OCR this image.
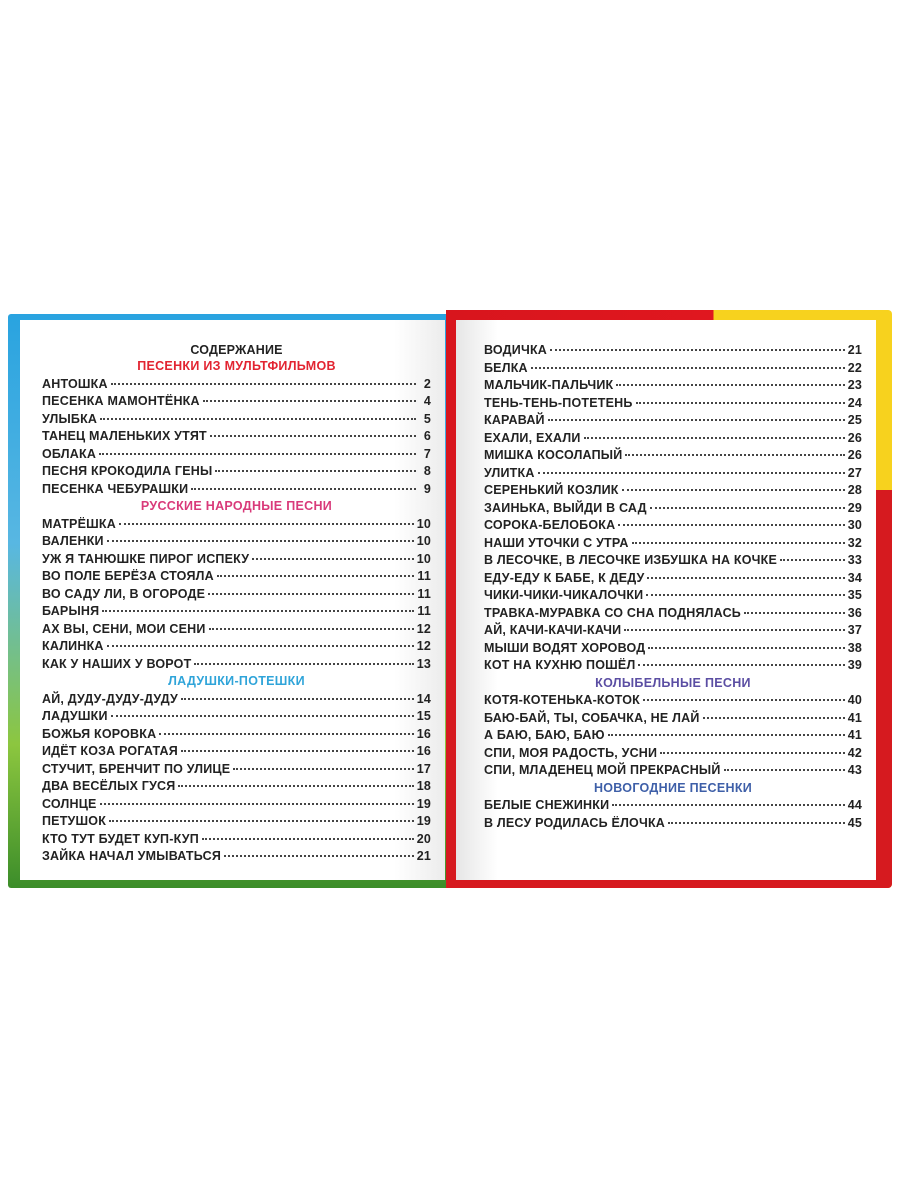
СОДЕРЖАНИЕ
ПЕСЕНКИ ИЗ МУЛЬТФИЛЬМОВ
АНТОШКА	2
ПЕСЕНКА МАМОНТЁНКА	4
УЛЫБКА	5
ТАНЕЦ МАЛЕНЬКИХ УТЯТ	6
ОБЛАКА	7
ПЕСНЯ КРОКОДИЛА ГЕНЫ	8
ПЕСЕНКА ЧЕБУРАШКИ	9
РУССКИЕ НАРОДНЫЕ ПЕСНИ
МАТРЁШКА	10
ВАЛЕНКИ	10
УЖ Я ТАНЮШКЕ ПИРОГ ИСПЕКУ	10
ВО ПОЛЕ БЕРЁЗА СТОЯЛА	11
ВО САДУ ЛИ, В ОГОРОДЕ	11
БАРЫНЯ	11
АХ ВЫ, СЕНИ, МОИ СЕНИ	12
КАЛИНКА	12
КАК У НАШИХ У ВОРОТ	13
ЛАДУШКИ-ПОТЕШКИ
АЙ, ДУДУ-ДУДУ-ДУДУ	14
ЛАДУШКИ	15
БОЖЬЯ КОРОВКА	16
ИДЁТ КОЗА РОГАТАЯ	16
СТУЧИТ, БРЕНЧИТ ПО УЛИЦЕ	17
ДВА ВЕСЁЛЫХ ГУСЯ	18
СОЛНЦЕ	19
ПЕТУШОК	19
КТО ТУТ БУДЕТ КУП-КУП	20
ЗАЙКА НАЧАЛ УМЫВАТЬСЯ	21
ВОДИЧКА	21
БЕЛКА	22
МАЛЬЧИК-ПАЛЬЧИК	23
ТЕНЬ-ТЕНЬ-ПОТЕТЕНЬ	24
КАРАВАЙ	25
ЕХАЛИ, ЕХАЛИ	26
МИШКА КОСОЛАПЫЙ	26
УЛИТКА	27
СЕРЕНЬКИЙ КОЗЛИК	28
ЗАИНЬКА, ВЫЙДИ В САД	29
СОРОКА-БЕЛОБОКА	30
НАШИ УТОЧКИ С УТРА	32
В ЛЕСОЧКЕ, В ЛЕСОЧКЕ ИЗБУШКА НА КОЧКЕ	33
ЕДУ-ЕДУ К БАБЕ, К ДЕДУ	34
ЧИКИ-ЧИКИ-ЧИКАЛОЧКИ	35
ТРАВКА-МУРАВКА СО СНА ПОДНЯЛАСЬ	36
АЙ, КАЧИ-КАЧИ-КАЧИ	37
МЫШИ ВОДЯТ ХОРОВОД	38
КОТ НА КУХНЮ ПОШЁЛ	39
КОЛЫБЕЛЬНЫЕ ПЕСНИ
КОТЯ-КОТЕНЬКА-КОТОК	40
БАЮ-БАЙ, ТЫ, СОБАЧКА, НЕ ЛАЙ	41
А БАЮ, БАЮ, БАЮ	41
СПИ, МОЯ РАДОСТЬ, УСНИ	42
СПИ, МЛАДЕНЕЦ МОЙ ПРЕКРАСНЫЙ	43
НОВОГОДНИЕ ПЕСЕНКИ
БЕЛЫЕ СНЕЖИНКИ	44
В ЛЕСУ РОДИЛАСЬ ЁЛОЧКА	45
